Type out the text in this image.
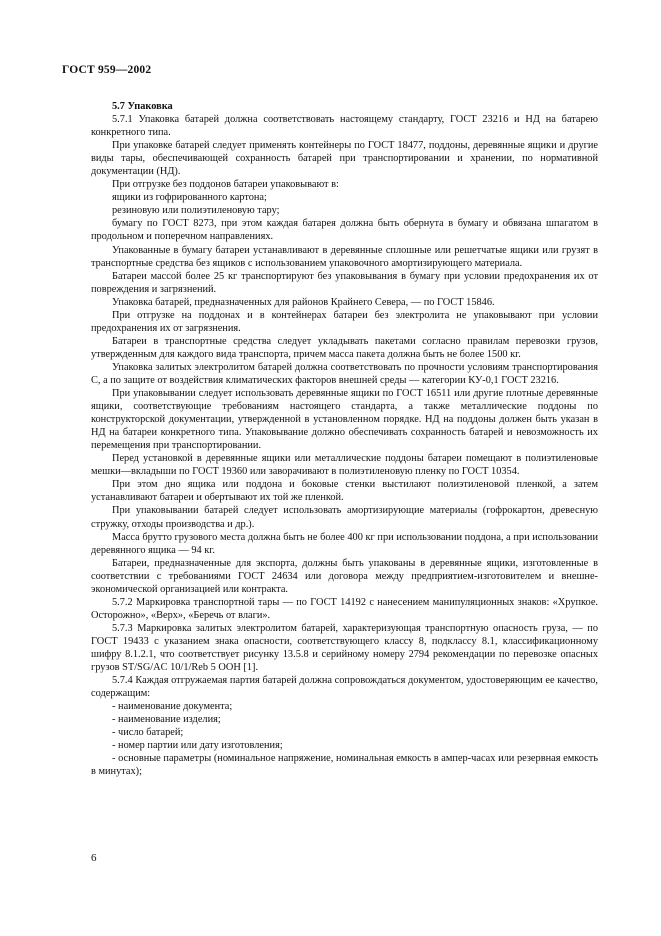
ГОСТ 959—2002

5.7 Упаковка

5.7.1 Упаковка батарей должна соответствовать настоящему стандарту, ГОСТ 23216 и НД на батарею конкретного типа.

При упаковке батарей следует применять контейнеры по ГОСТ 18477, поддоны, деревянные ящики и другие виды тары, обеспечивающей сохранность батарей при транспортировании и хранении, по нормативной документации (НД).

При отгрузке без поддонов батареи упаковывают в:

ящики из гофрированного картона;

резиновую или полиэтиленовую тару;

бумагу по ГОСТ 8273, при этом каждая батарея должна быть обернута в бумагу и обвязана шпагатом в продольном и поперечном направлениях.

Упакованные в бумагу батареи устанавливают в деревянные сплошные или решетчатые ящики или грузят в транспортные средства без ящиков с использованием упаковочного амортизирующего материала.

Батареи массой более 25 кг транспортируют без упаковывания в бумагу при условии предохранения их от повреждения и загрязнений.

Упаковка батарей, предназначенных для районов Крайнего Севера, — по ГОСТ 15846.

При отгрузке на поддонах и в контейнерах батареи без электролита не упаковывают при условии предохранения их от загрязнения.

Батареи в транспортные средства следует укладывать пакетами согласно правилам перевозки грузов, утвержденным для каждого вида транспорта, причем масса пакета должна быть не более 1500 кг.

Упаковка залитых электролитом батарей должна соответствовать по прочности условиям транспортирования С, а по защите от воздействия климатических факторов внешней среды — категории КУ-0,1 ГОСТ 23216.

При упаковывании следует использовать деревянные ящики по ГОСТ 16511 или другие плотные деревянные ящики, соответствующие требованиям настоящего стандарта, а также металлические поддоны по конструкторской документации, утвержденной в установленном порядке. НД на поддоны должен быть указан в НД на батареи конкретного типа. Упаковывание должно обеспечивать сохранность батарей и невозможность их перемещения при транспортировании.

Перед установкой в деревянные ящики или металлические поддоны батареи помещают в полиэтиленовые мешки—вкладыши по ГОСТ 19360 или заворачивают в полиэтиленовую пленку по ГОСТ 10354.

При этом дно ящика или поддона и боковые стенки выстилают полиэтиленовой пленкой, а затем устанавливают батареи и обертывают их той же пленкой.

При упаковывании батарей следует использовать амортизирующие материалы (гофрокартон, древесную стружку, отходы производства и др.).

Масса брутто грузового места должна быть не более 400 кг при использовании поддона, а при использовании деревянного ящика — 94 кг.

Батареи, предназначенные для экспорта, должны быть упакованы в деревянные ящики, изготовленные в соответствии с требованиями ГОСТ 24634 или договора между предприятием-изготовителем и внешне-экономической организацией или контракта.

5.7.2 Маркировка транспортной тары — по ГОСТ 14192 с нанесением манипуляционных знаков: «Хрупкое. Осторожно», «Верх», «Беречь от влаги».

5.7.3 Маркировка залитых электролитом батарей, характеризующая транспортную опасность груза, — по ГОСТ 19433 с указанием знака опасности, соответствующего классу 8, подклассу 8.1, классификационному шифру 8.1.2.1, что соответствует рисунку 13.5.8 и серийному номеру 2794 рекомендации по перевозке опасных грузов ST/SG/AC 10/1/Reb 5 ООН [1].

5.7.4 Каждая отгружаемая партия батарей должна сопровождаться документом, удостоверяющим ее качество, содержащим:

- наименование документа;

- наименование изделия;

- число батарей;

- номер партии или дату изготовления;

- основные параметры (номинальное напряжение, номинальная емкость в ампер-часах или резервная емкость в минутах);

6
